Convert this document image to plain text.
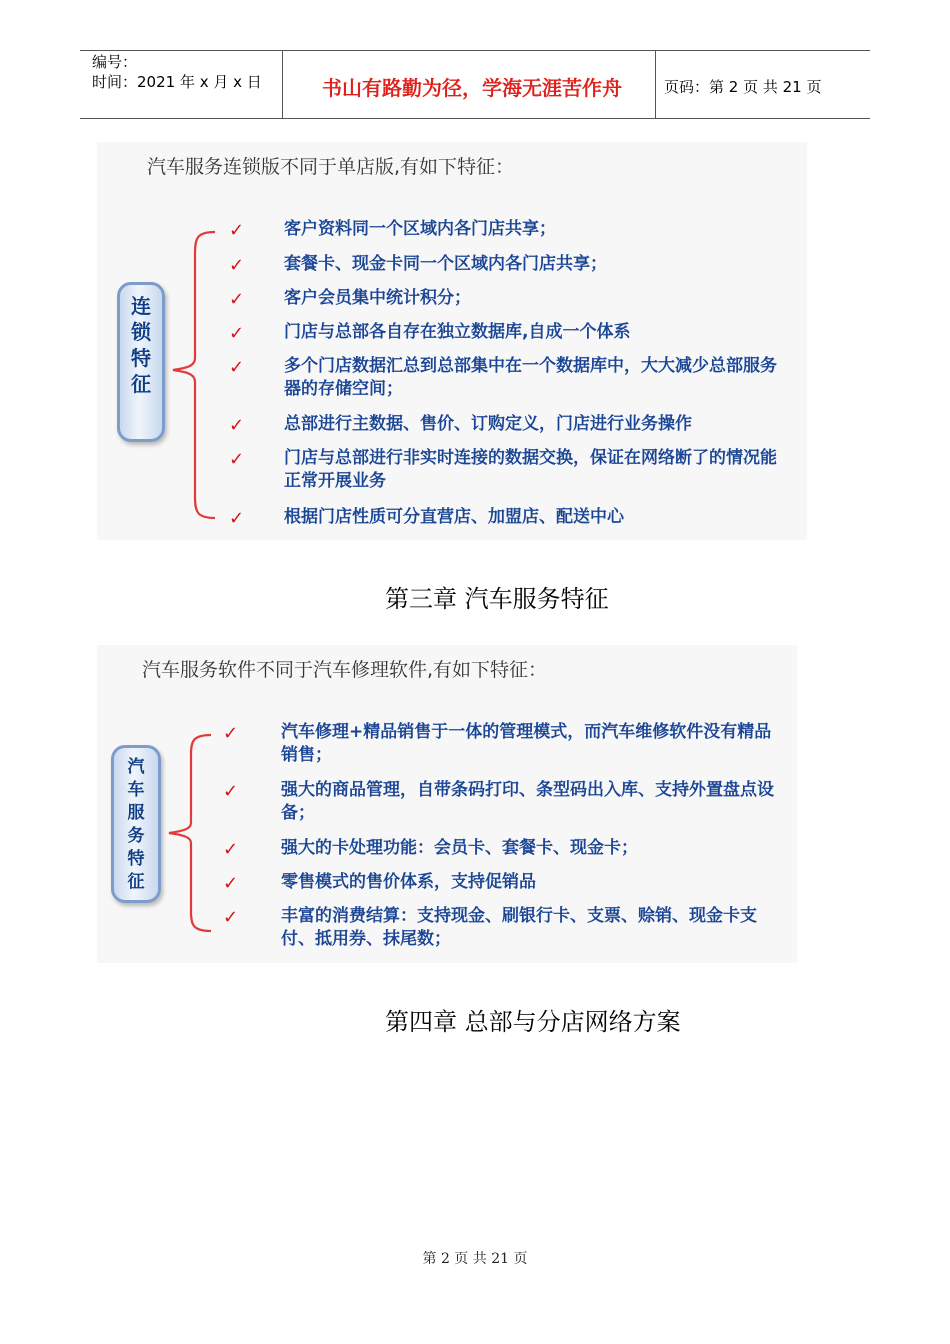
编号：
时间：2021 年 x 月 x 日	书山有路勤为径，学海无涯苦作舟	页码：第 2 页 共 21 页
汽车服务连锁版不同于单店版,有如下特征：
连锁特征
✓ 客户资料同一个区域内各门店共享；
✓ 套餐卡、现金卡同一个区域内各门店共享；
✓ 客户会员集中统计积分；
✓ 门店与总部各自存在独立数据库,自成一个体系
✓ 多个门店数据汇总到总部集中在一个数据库中，大大减少总部服务器的存储空间；
✓ 总部进行主数据、售价、订购定义，门店进行业务操作
✓ 门店与总部进行非实时连接的数据交换，保证在网络断了的情况能正常开展业务
✓ 根据门店性质可分直营店、加盟店、配送中心
第三章 汽车服务特征
汽车服务软件不同于汽车修理软件,有如下特征：
汽车服务特征
✓	汽车修理+精品销售于一体的管理模式，而汽车维修软件没有精品销售；
✓	强大的商品管理，自带条码打印、条型码出入库、支持外置盘点设备；
✓	强大的卡处理功能：会员卡、套餐卡、现金卡；
✓	零售模式的售价体系，支持促销品
✓	丰富的消费结算：支持现金、刷银行卡、支票、赊销、现金卡支付、抵用券、抹尾数；
第四章 总部与分店网络方案
第 2 页 共 21 页
